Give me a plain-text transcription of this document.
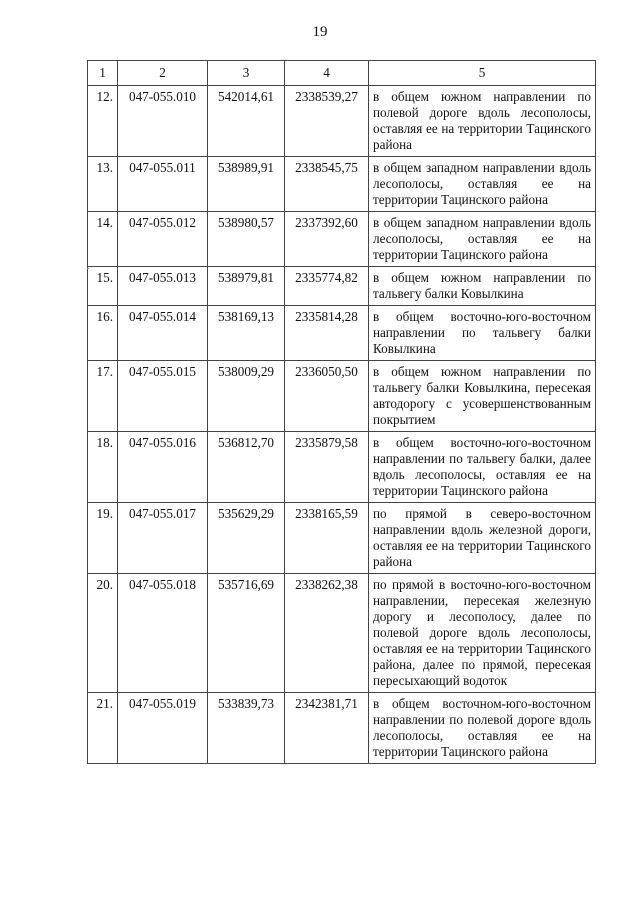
19
1	2	3	4	5
12.	047-055.010	542014,61	2338539,27	в общем южном направлении по полевой дороге вдоль лесополосы, оставляя ее на территории Тацинского района
13.	047-055.011	538989,91	2338545,75	в общем западном направлении вдоль лесополосы, оставляя ее на территории Тацинского района
14.	047-055.012	538980,57	2337392,60	в общем западном направлении вдоль лесополосы, оставляя ее на территории Тацинского района
15.	047-055.013	538979,81	2335774,82	в общем южном направлении по тальвегу балки Ковылкина
16.	047-055.014	538169,13	2335814,28	в общем восточно-юго-восточном направлении по тальвегу балки Ковылкина
17.	047-055.015	538009,29	2336050,50	в общем южном направлении по тальвегу балки Ковылкина, пересекая автодорогу с усовершенствованным покрытием
18.	047-055.016	536812,70	2335879,58	в общем восточно-юго-восточном направлении по тальвегу балки, далее вдоль лесополосы, оставляя ее на территории Тацинского района
19.	047-055.017	535629,29	2338165,59	по прямой в северо-восточном направлении вдоль железной дороги, оставляя ее на территории Тацинского района
20.	047-055.018	535716,69	2338262,38	по прямой в восточно-юго-восточном направлении, пересекая железную дорогу и лесополосу, далее по полевой дороге вдоль лесополосы, оставляя ее на территории Тацинского района, далее по прямой, пересекая пересыхающий водоток
21.	047-055.019	533839,73	2342381,71	в общем восточном-юго-восточном направлении по полевой дороге вдоль лесополосы, оставляя ее на территории Тацинского района
